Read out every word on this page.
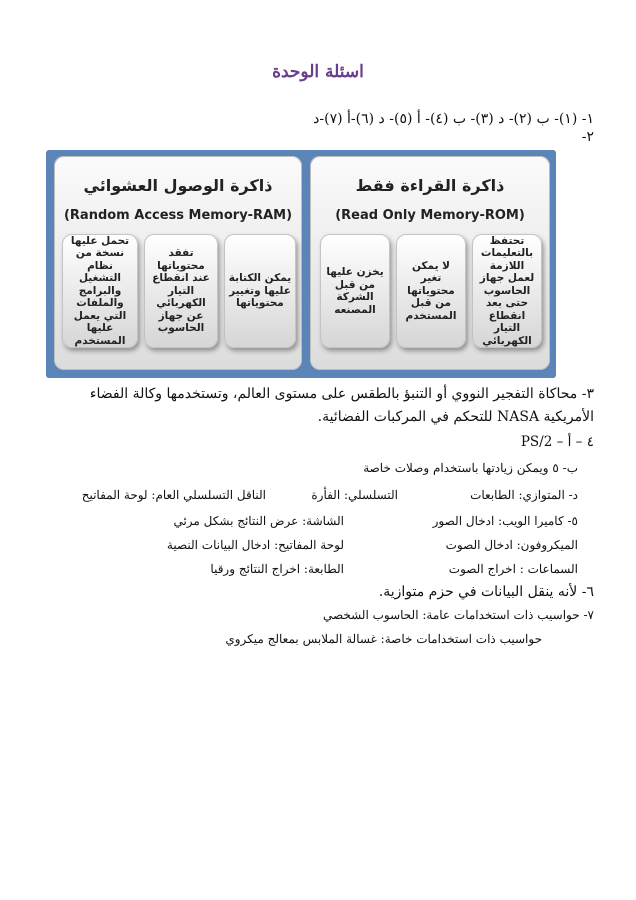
اسئلة الوحدة
١- (١)- ب (٢)- د (٣)- ب (٤)- أ (٥)- د (٦)-أ (٧)-د
٢-
ذاكرة القراءة فقط
(Read Only Memory-ROM)
تحتفظ بالتعليمات اللازمة لعمل جهاز الحاسوب حتى بعد انقطاع التيار الكهربائي
لا يمكن تغير محتوياتها من قبل المستخدم
يخزن عليها من قبل الشركة المصنعه
ذاكرة الوصول العشوائي
(Random Access Memory-RAM)
يمكن الكتابة عليها وتغيير محتوياتها
تفقد محتوياتها عند انقطاع التيار الكهربائي عن جهاز الحاسوب
تحمل عليها نسخة من نظام التشغيل والبرامج والملفات التي يعمل عليها المستخدم
٣- محاكاة التفجير النووي أو التنبؤ بالطقس على مستوى العالم، وتستخدمها وكالة الفضاء
الأمريكية NASA للتحكم في المركبات الفضائية.
٤ – أ – PS/2
ب- ٥ ويمكن زيادتها باستخدام وصلات خاصة
د- المتوازي: الطابعات
التسلسلي: الفأرة
الناقل التسلسلي العام: لوحة المفاتيح
٥- كاميرا الويب: ادخال الصور
الشاشة: عرض النتائج بشكل مرئي
الميكروفون: ادخال الصوت
لوحة المفاتيح: ادخال البيانات النصية
السماعات : اخراج الصوت
الطابعة: اخراج النتائج ورقيا
٦- لأنه ينقل البيانات في حزم متوازية.
٧- حواسيب ذات استخدامات عامة: الحاسوب الشخصي
حواسيب ذات استخدامات خاصة: غسالة الملابس بمعالج ميكروي
